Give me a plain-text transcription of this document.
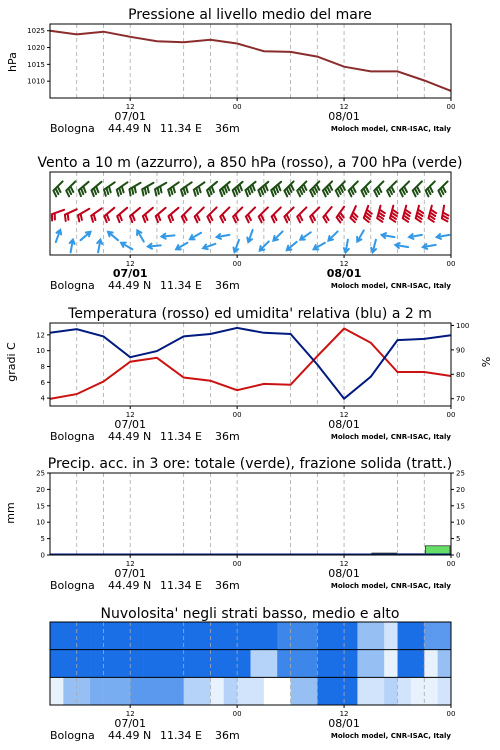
Pressione al livello medio del mare
hPa
1025
1020
1015
1010
12	00	12	00
07/01	08/01
Bologna 44.49 N 11.34 E 36m	Moloch model, CNR-ISAC, Italy
Vento a 10 m (azzurro), a 850 hPa (rosso), a 700 hPa (verde)
12	00	12	00
07/01	08/01
Bologna 44.49 N 11.34 E 36m	Moloch model, CNR-ISAC, Italy
Temperatura (rosso) ed umidita' relativa (blu) a 2 m
gradi C	%
12
10
8
6
4
100
90
80
70
12	00	12	00
07/01	08/01
Bologna 44.49 N 11.34 E 36m	Moloch model, CNR-ISAC, Italy
Precip. acc. in 3 ore: totale (verde), frazione solida (tratt.)
mm
25
20
15
10
5
0
25
20
15
10
5
0
12	00	12	00
07/01	08/01
Bologna 44.49 N 11.34 E 36m	Moloch model, CNR-ISAC, Italy
Nuvolosita' negli strati basso, medio e alto
12	00	12	00
07/01	08/01
Bologna 44.49 N 11.34 E 36m	Moloch model, CNR-ISAC, Italy
